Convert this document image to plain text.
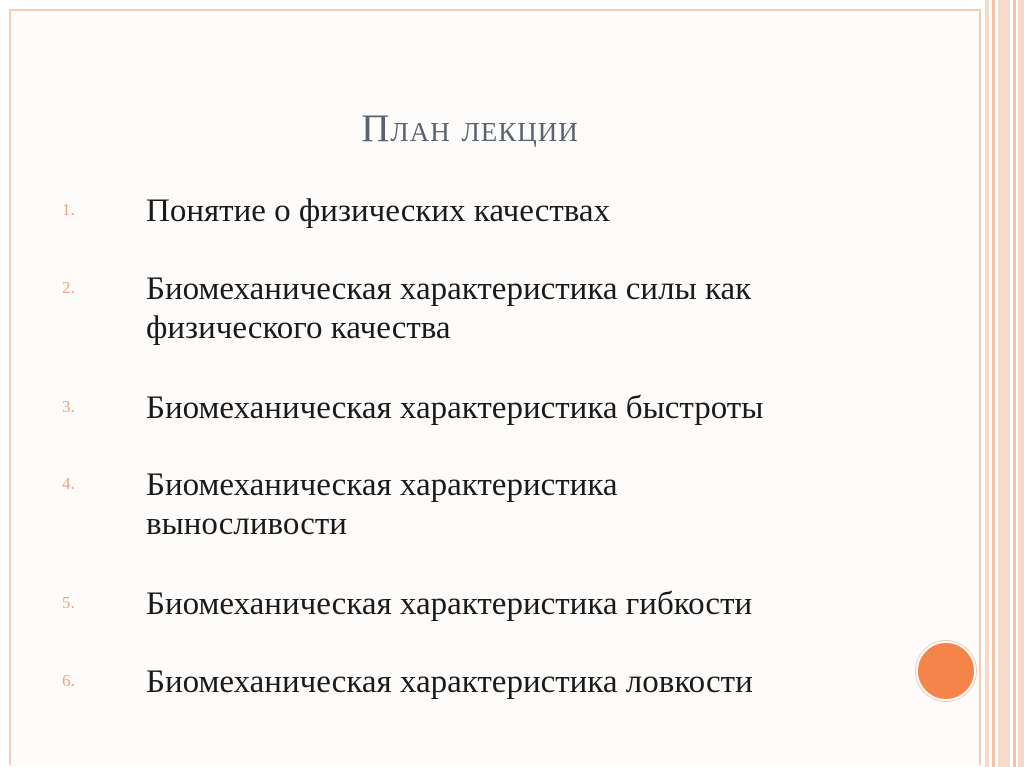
План лекции
1. Понятие о физических качествах
2. Биомеханическая характеристика силы как
физического качества
3. Биомеханическая характеристика быстроты
4. Биомеханическая характеристика
выносливости
5. Биомеханическая характеристика гибкости
6. Биомеханическая характеристика ловкости
